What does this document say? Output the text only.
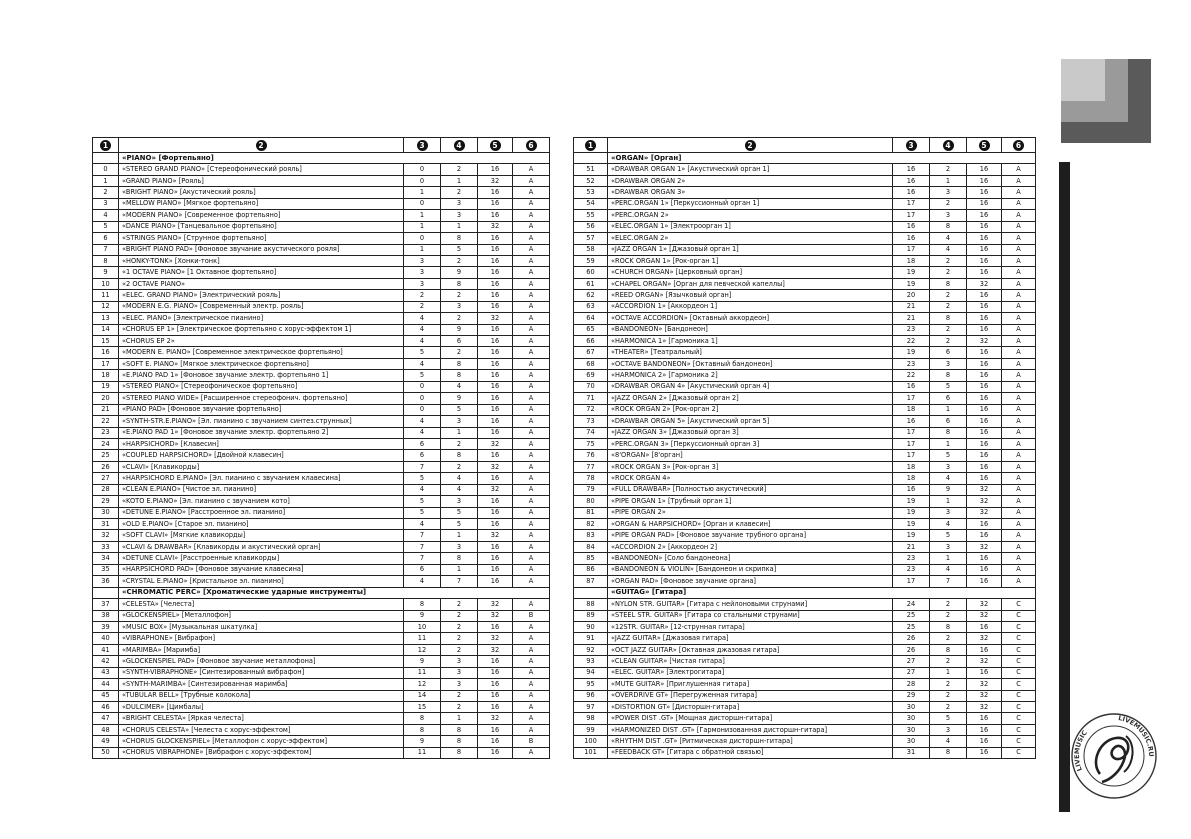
1	2	3	4	5	6
	«PIANO» [Фортепьяно]				
0	«STEREO GRAND PIANO» [Стереофонический рояль]	0	2	16	A
1	«GRAND PIANO» [Рояль]	0	1	32	A
2	«BRIGHT PIANO» [Акустический рояль]	1	2	16	A
3	«MELLOW PIANO» [Мягкое фортепьяно]	0	3	16	A
4	«MODERN PIANO» [Современное фортепьяно]	1	3	16	A
5	«DANCE PIANO» [Танцевальное фортепьяно]	1	1	32	A
6	«STRINGS PIANO» [Струнное фортепьяно]	0	8	16	A
7	«BRIGHT PIANO PAD» [Фоновое звучание акустического рояля]	1	5	16	A
8	«HONKY-TONK» [Хонки-тонк]	3	2	16	A
9	«1 OCTAVE PIANO» [1 Октавное фортепьяно]	3	9	16	A
10	«2 OCTAVE PIANO»	3	8	16	A
11	«ELEC. GRAND PIANO» [Электрический рояль]	2	2	16	A
12	«MODERN E.G. PIANO» [Современный электр. рояль]	2	3	16	A
13	«ELEC. PIANO» [Электрическое пианино]	4	2	32	A
14	«CHORUS EP 1» [Электрическое фортепьяно с хорус-эффектом 1]	4	9	16	A
15	«CHORUS EP 2»	4	6	16	A
16	«MODERN E. PIANO» [Современное электрическое фортепьяно]	5	2	16	A
17	«SOFT E. PIANO» [Мягкое электрическое фортепьяно]	4	8	16	A
18	«E.PIANO PAD 1» [Фоновое звучание электр. фортепьяно 1]	5	8	16	A
19	«STEREO PIANO» [Стереофоническое фортепьяно]	0	4	16	A
20	«STEREO PIANO WIDE» [Расширенное стереофонич. фортепьяно]	0	9	16	A
21	«PIANO PAD» [Фоновое звучание фортепьяно]	0	5	16	A
22	«SYNTH-STR.E.PIANO» [Эл. пианино с звучанием синтез.струнных]	4	3	16	A
23	«E.PIANO PAD 1» [Фоновое звучание электр. фортепьяно 2]	4	1	16	A
24	«HARPSICHORD» [Клавесин]	6	2	32	A
25	«COUPLED HARPSICHORD» [Двойной клавесин]	6	8	16	A
26	«CLAVI» [Клавикорды]	7	2	32	A
27	«HARPSICHORD E.PIANO» [Эл. пианино с звучанием клавесина]	5	4	16	A
28	«CLEAN E.PIANO» [Чистое эл. пианино]	4	4	32	A
29	«KOTO E.PIANO» [Эл. пианино с звучанием кото]	5	3	16	A
30	«DETUNE E.PIANO» [Расстроенное эл. пианино]	5	5	16	A
31	«OLD E.PIANO» [Старое эл. пианино]	4	5	16	A
32	«SOFT CLAVI» [Мягкие клавикорды]	7	1	32	A
33	«CLAVI & DRAWBAR» [Клавикорды и акустический орган]	7	3	16	A
34	«DETUNE CLAVI» [Расстроенные клавикорды]	7	8	16	A
35	«HARPSICHORD PAD» [Фоновое звучание клавесина]	6	1	16	A
36	«CRYSTAL E.PIANO» [Кристальное эл. пианино]	4	7	16	A
	«CHROMATIC PERC» [Хроматические ударные инструменты]				
37	«CELESTA» [Челеста]	8	2	32	A
38	«GLOCKENSPIEL» [Металлофон]	9	2	32	B
39	«MUSIC BOX» [Музыкальная шкатулка]	10	2	16	A
40	«VIBRAPHONE» [Вибрафон]	11	2	32	A
41	«MARIMBA» [Маримба]	12	2	32	A
42	«GLOCKENSPIEL PAD» [Фоновое звучание металлофона]	9	3	16	A
43	«SYNTH-VIBRAPHONE» [Синтезированный вибрафон]	11	3	16	A
44	«SYNTH-MARIMBA» [Синтезированная маримба]	12	3	16	A
45	«TUBULAR BELL» [Трубные колокола]	14	2	16	A
46	«DULCIMER» [Цимбалы]	15	2	16	A
47	«BRIGHT CELESTA» [Яркая челеста]	8	1	32	A
48	«CHORUS CELESTA» [Челеста с хорус-эффектом]	8	8	16	A
49	«CHORUS GLOCKENSPIEL» [Металлофон с хорус-эффектом]	9	8	16	B
50	«CHORUS VIBRAPHONE» [Вибрафон с хорус-эффектом]	11	8	16	A
1	2	3	4	5	6
	«ORGAN» [Орган]				
51	«DRAWBAR ORGAN 1» [Акустический орган 1]	16	2	16	A
52	«DRAWBAR ORGAN 2»	16	1	16	A
53	«DRAWBAR ORGAN 3»	16	3	16	A
54	«PERC.ORGAN 1» [Перкуссионный орган 1]	17	2	16	A
55	«PERC.ORGAN 2»	17	3	16	A
56	«ELEC.ORGAN 1» [Электроорган 1]	16	8	16	A
57	«ELEC.ORGAN 2»	16	4	16	A
58	«JAZZ ORGAN 1» [Джазовый орган 1]	17	4	16	A
59	«ROCK ORGAN 1» [Рок-орган 1]	18	2	16	A
60	«CHURCH ORGAN» [Церковный орган]	19	2	16	A
61	«CHAPEL ORGAN» [Орган для певческой капеллы]	19	8	32	A
62	«REED ORGAN» [Язычковый орган]	20	2	16	A
63	«ACCORDION 1» [Аккордеон 1]	21	2	16	A
64	«OCTAVE ACCORDION» [Октавный аккордеон]	21	8	16	A
65	«BANDONEON» [Бандонеон]	23	2	16	A
66	«HARMONICA 1» [Гармоника 1]	22	2	32	A
67	«THEATER» [Театральный]	19	6	16	A
68	«OCTAVE BANDONEON» [Октавный бандонеон]	23	3	16	A
69	«HARMONICA 2» [Гармоника 2]	22	8	16	A
70	«DRAWBAR ORGAN 4» [Акустический орган 4]	16	5	16	A
71	«JAZZ ORGAN 2» [Джазовый орган 2]	17	6	16	A
72	«ROCK ORGAN 2» [Рок-орган 2]	18	1	16	A
73	«DRAWBAR ORGAN 5» [Акустический орган 5]	16	6	16	A
74	«JAZZ ORGAN 3» [Джазовый орган 3]	17	8	16	A
75	«PERC.ORGAN 3» [Перкуссионный орган 3]	17	1	16	A
76	«8'ORGAN» [8'орган]	17	5	16	A
77	«ROCK ORGAN 3» [Рок-орган 3]	18	3	16	A
78	«ROCK ORGAN 4»	18	4	16	A
79	«FULL DRAWBAR» [Полностью акустический]	16	9	32	A
80	«PIPE ORGAN 1» [Трубный орган 1]	19	1	32	A
81	«PIPE ORGAN 2»	19	3	32	A
82	«ORGAN & HARPSICHORD» [Орган и клавесин]	19	4	16	A
83	«PIPE ORGAN PAD» [Фоновое звучание трубного органа]	19	5	16	A
84	«ACCORDION 2» [Аккордеон 2]	21	3	32	A
85	«BANDONEON» [Соло бандонеона]	23	1	16	A
86	«BANDONEON & VIOLIN» [Бандонеон и скрипка]	23	4	16	A
87	«ORGAN PAD» [Фоновое звучание органа]	17	7	16	A
	«GUITAG» [Гитара]				
88	«NYLON STR. GUITAR» [Гитара с нейлоновыми струнами]	24	2	32	C
89	«STEEL STR. GUITAR» [Гитара со стальными струнами]	25	2	32	C
90	«12STR. GUITAR» [12-струнная гитара]	25	8	16	C
91	«JAZZ GUITAR» [Джазовая гитара]	26	2	32	C
92	«OCT JAZZ GUITAR» [Октавная джазовая гитара]	26	8	16	C
93	«CLEAN GUITAR» [Чистая гитара]	27	2	32	C
94	«ELEC. GUITAR» [Электрогитара]	27	1	16	C
95	«MUTE GUITAR» [Приглушенная гитара]	28	2	32	C
96	«OVERDRIVE GT» [Перегруженная гитара]	29	2	32	C
97	«DISTORTION GT» [Дисторшн-гитара]	30	2	32	C
98	«POWER DIST .GT» [Мощная дисторшн-гитара]	30	5	16	C
99	«HARMONIZED DIST .GT» [Гармонизованная дисторшн-гитара]	30	3	16	C
100	«RHYTHM DIST .GT» [Ритмическая дисторшн-гитара]	30	4	16	C
101	«FEEDBACK GT» [Гитара с обратной связью]	31	8	16	C
LIVEMUSIC
LIVEMUSIC.RU
